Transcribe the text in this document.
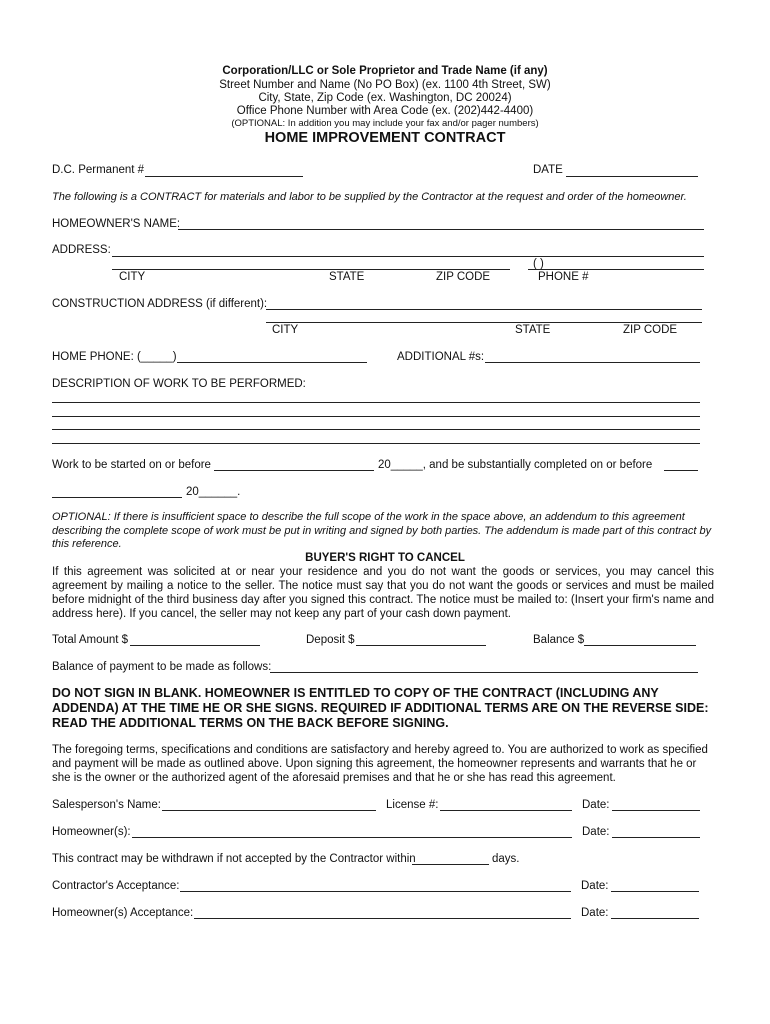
Corporation/LLC or Sole Proprietor and Trade Name (if any)
Street Number and Name (No PO Box) (ex. 1100 4th Street, SW)
City, State, Zip Code (ex. Washington, DC 20024)
Office Phone Number with Area Code (ex. (202)442-4400)
(OPTIONAL: In addition you may include your fax and/or pager numbers)
HOME IMPROVEMENT CONTRACT
D.C. Permanent #	DATE
The following is a CONTRACT for materials and labor to be supplied by the Contractor at the request and order of the homeowner.
HOMEOWNER'S NAME:
ADDRESS:
( )
CITY	STATE	ZIP CODE	PHONE #
CONSTRUCTION ADDRESS (if different):
CITY	STATE	ZIP CODE
HOME PHONE: (_____)	ADDITIONAL #s:
DESCRIPTION OF WORK TO BE PERFORMED:
Work to be started on or before	20_____, and be substantially completed on or before
20______.
OPTIONAL: If there is insufficient space to describe the full scope of the work in the space above, an addendum to this agreement describing the complete scope of work must be put in writing and signed by both parties. The addendum is made part of this contract by this reference.
BUYER'S RIGHT TO CANCEL
If this agreement was solicited at or near your residence and you do not want the goods or services, you may cancel this agreement by mailing a notice to the seller. The notice must say that you do not want the goods or services and must be mailed before midnight of the third business day after you signed this contract. The notice must be mailed to: (Insert your firm's name and address here). If you cancel, the seller may not keep any part of your cash down payment.
Total Amount $	Deposit $	Balance $
Balance of payment to be made as follows:
DO NOT SIGN IN BLANK. HOMEOWNER IS ENTITLED TO COPY OF THE CONTRACT (INCLUDING ANY ADDENDA) AT THE TIME HE OR SHE SIGNS. REQUIRED IF ADDITIONAL TERMS ARE ON THE REVERSE SIDE: READ THE ADDITIONAL TERMS ON THE BACK BEFORE SIGNING.
The foregoing terms, specifications and conditions are satisfactory and hereby agreed to. You are authorized to work as specified and payment will be made as outlined above. Upon signing this agreement, the homeowner represents and warrants that he or she is the owner or the authorized agent of the aforesaid premises and that he or she has read this agreement.
Salesperson's Name:	License #:	Date:
Homeowner(s):	Date:
This contract may be withdrawn if not accepted by the Contractor within	days.
Contractor's Acceptance:	Date:
Homeowner(s) Acceptance:	Date:
